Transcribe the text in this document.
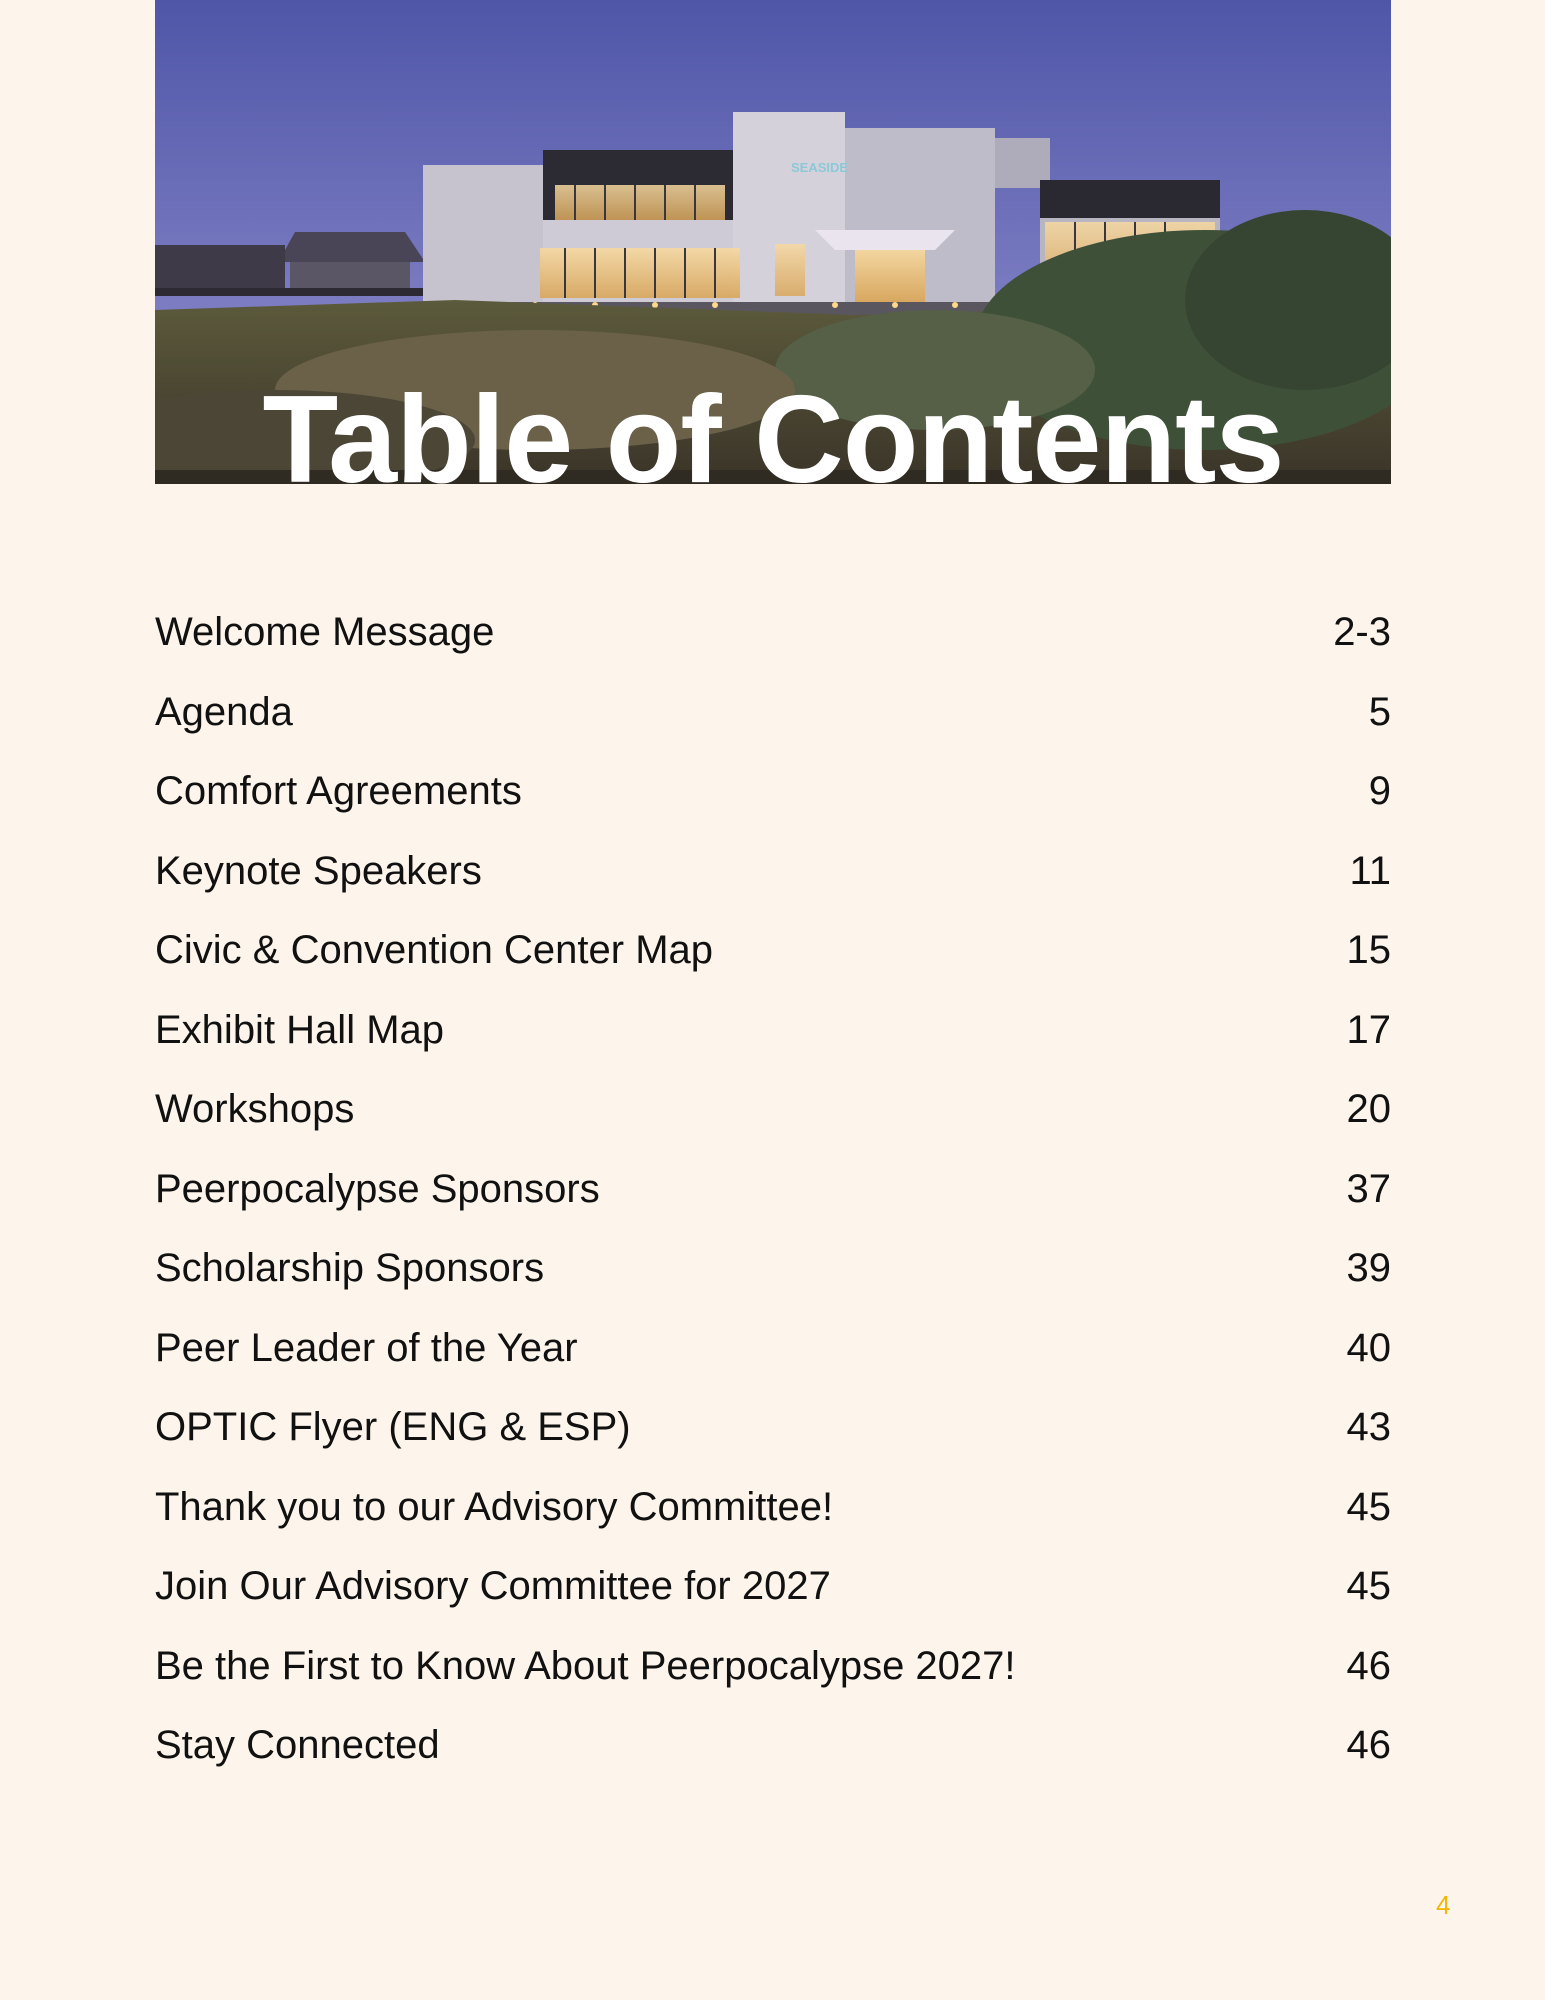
SEASIDE
Table of Contents
Welcome Message	2-3
Agenda	5
Comfort Agreements	9
Keynote Speakers	11
Civic & Convention Center Map	15
Exhibit Hall Map	17
Workshops	20
Peerpocalypse Sponsors	37
Scholarship Sponsors	39
Peer Leader of the Year	40
OPTIC Flyer (ENG & ESP)	43
Thank you to our Advisory Committee!	45
Join Our Advisory Committee for 2027	45
Be the First to Know About Peerpocalypse 2027!	46
Stay Connected	46
4
